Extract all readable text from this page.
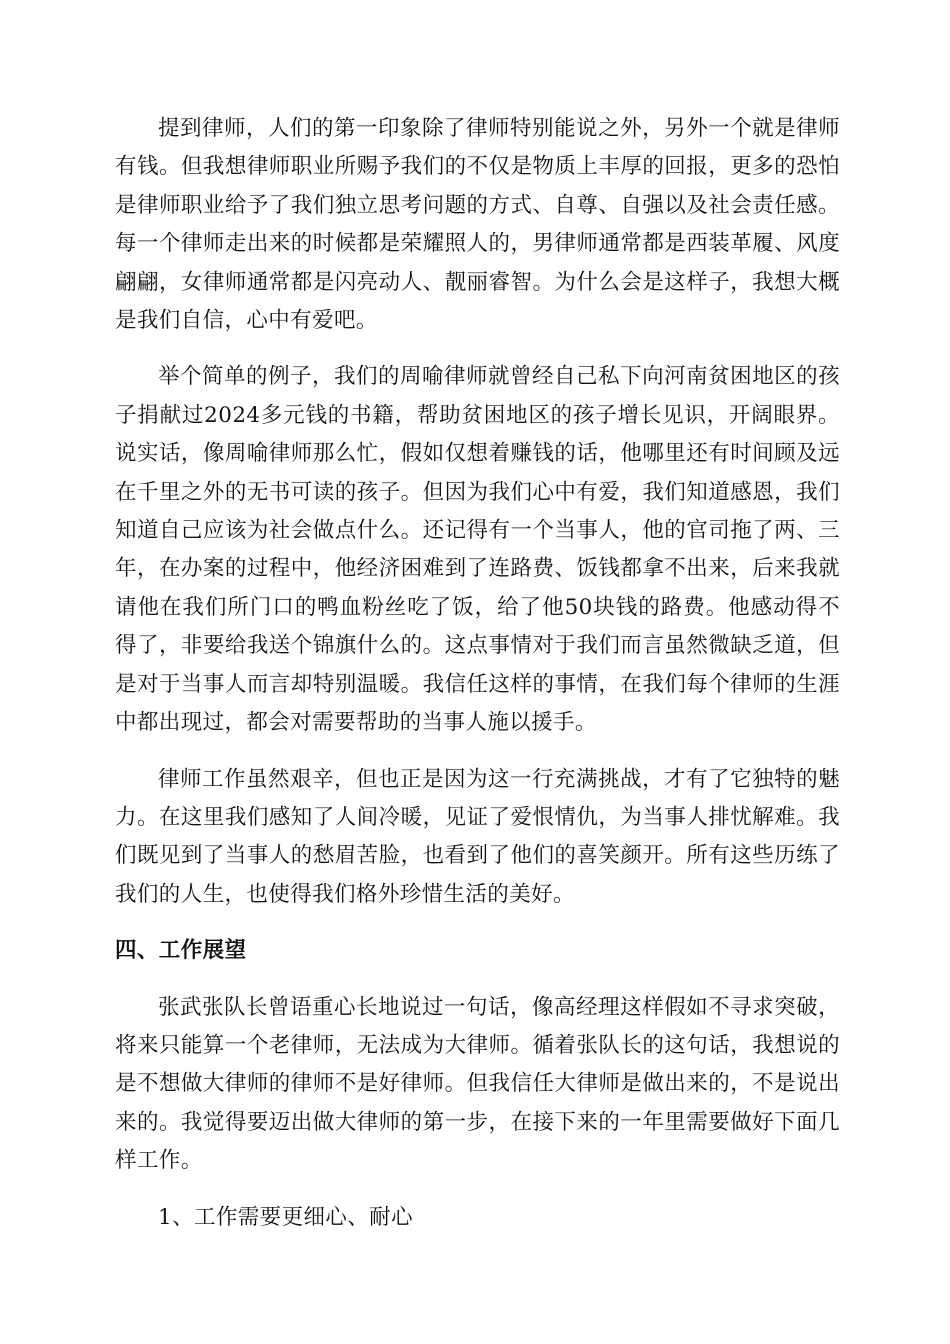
提到律师，人们的第一印象除了律师特别能说之外，另外一个就是律师有钱。但我想律师职业所赐予我们的不仅是物质上丰厚的回报，更多的恐怕是律师职业给予了我们独立思考问题的方式、自尊、自强以及社会责任感。每一个律师走出来的时候都是荣耀照人的，男律师通常都是西装革履、风度翩翩，女律师通常都是闪亮动人、靓丽睿智。为什么会是这样子，我想大概是我们自信，心中有爱吧。

举个简单的例子，我们的周喻律师就曾经自己私下向河南贫困地区的孩子捐献过2024多元钱的书籍，帮助贫困地区的孩子增长见识，开阔眼界。说实话，像周喻律师那么忙，假如仅想着赚钱的话，他哪里还有时间顾及远在千里之外的无书可读的孩子。但因为我们心中有爱，我们知道感恩，我们知道自己应该为社会做点什么。还记得有一个当事人，他的官司拖了两、三年，在办案的过程中，他经济困难到了连路费、饭钱都拿不出来，后来我就请他在我们所门口的鸭血粉丝吃了饭，给了他50块钱的路费。他感动得不得了，非要给我送个锦旗什么的。这点事情对于我们而言虽然微缺乏道，但是对于当事人而言却特别温暖。我信任这样的事情，在我们每个律师的生涯中都出现过，都会对需要帮助的当事人施以援手。

律师工作虽然艰辛，但也正是因为这一行充满挑战，才有了它独特的魅力。在这里我们感知了人间冷暖，见证了爱恨情仇，为当事人排忧解难。我们既见到了当事人的愁眉苦脸，也看到了他们的喜笑颜开。所有这些历练了我们的人生，也使得我们格外珍惜生活的美好。

四、工作展望

张武张队长曾语重心长地说过一句话，像高经理这样假如不寻求突破，将来只能算一个老律师，无法成为大律师。循着张队长的这句话，我想说的是不想做大律师的律师不是好律师。但我信任大律师是做出来的，不是说出来的。我觉得要迈出做大律师的第一步，在接下来的一年里需要做好下面几样工作。

1、工作需要更细心、耐心
